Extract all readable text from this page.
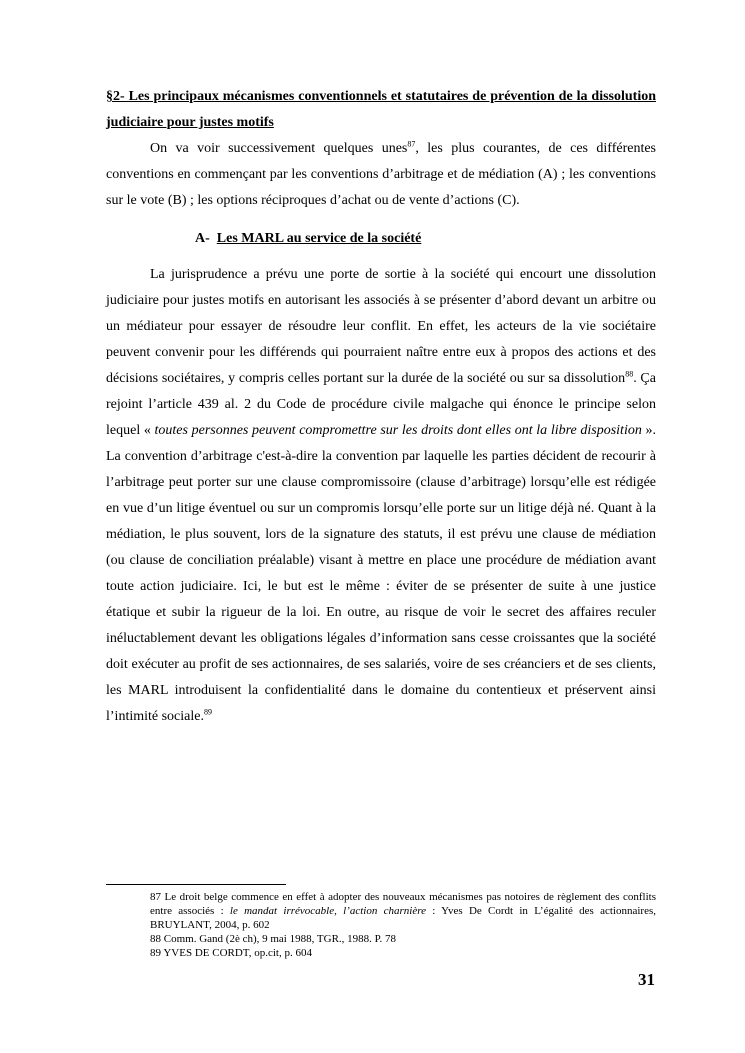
§2- Les principaux mécanismes conventionnels et statutaires de prévention de la dissolution judiciaire pour justes motifs

On va voir successivement quelques unes$^{87}$, les plus courantes, de ces différentes conventions en commençant par les conventions d’arbitrage et de médiation (A) ; les conventions sur le vote (B) ; les options réciproques d’achat ou de vente d’actions (C).

A- Les MARL au service de la société

La jurisprudence a prévu une porte de sortie à la société qui encourt une dissolution judiciaire pour justes motifs en autorisant les associés à se présenter d’abord devant un arbitre ou un médiateur pour essayer de résoudre leur conflit. En effet, les acteurs de la vie sociétaire peuvent convenir pour les différends qui pourraient naître entre eux à propos des actions et des décisions sociétaires, y compris celles portant sur la durée de la société ou sur sa dissolution$^{88}$. Ça rejoint l’article 439 al. 2 du Code de procédure civile malgache qui énonce le principe selon lequel « toutes personnes peuvent compromettre sur les droits dont elles ont la libre disposition ». La convention d’arbitrage c'est-à-dire la convention par laquelle les parties décident de recourir à l’arbitrage peut porter sur une clause compromissoire (clause d’arbitrage) lorsqu’elle est rédigée en vue d’un litige éventuel ou sur un compromis lorsqu’elle porte sur un litige déjà né. Quant à la médiation, le plus souvent, lors de la signature des statuts, il est prévu une clause de médiation (ou clause de conciliation préalable) visant à mettre en place une procédure de médiation avant toute action judiciaire. Ici, le but est le même : éviter de se présenter de suite à une justice étatique et subir la rigueur de la loi. En outre, au risque de voir le secret des affaires reculer inéluctablement devant les obligations légales d’information sans cesse croissantes que la société doit exécuter au profit de ses actionnaires, de ses salariés, voire de ses créanciers et de ses clients, les MARL introduisent la confidentialité dans le domaine du contentieux et préservent ainsi l’intimité sociale.$^{89}$

87 Le droit belge commence en effet à adopter des nouveaux mécanismes pas notoires de règlement des conflits entre associés : le mandat irrévocable, l’action charnière : Yves De Cordt in L’égalité des actionnaires, BRUYLANT, 2004, p. 602

88 Comm. Gand (2è ch), 9 mai 1988, TGR., 1988. P. 78

89 YVES DE CORDT, op.cit, p. 604

31
